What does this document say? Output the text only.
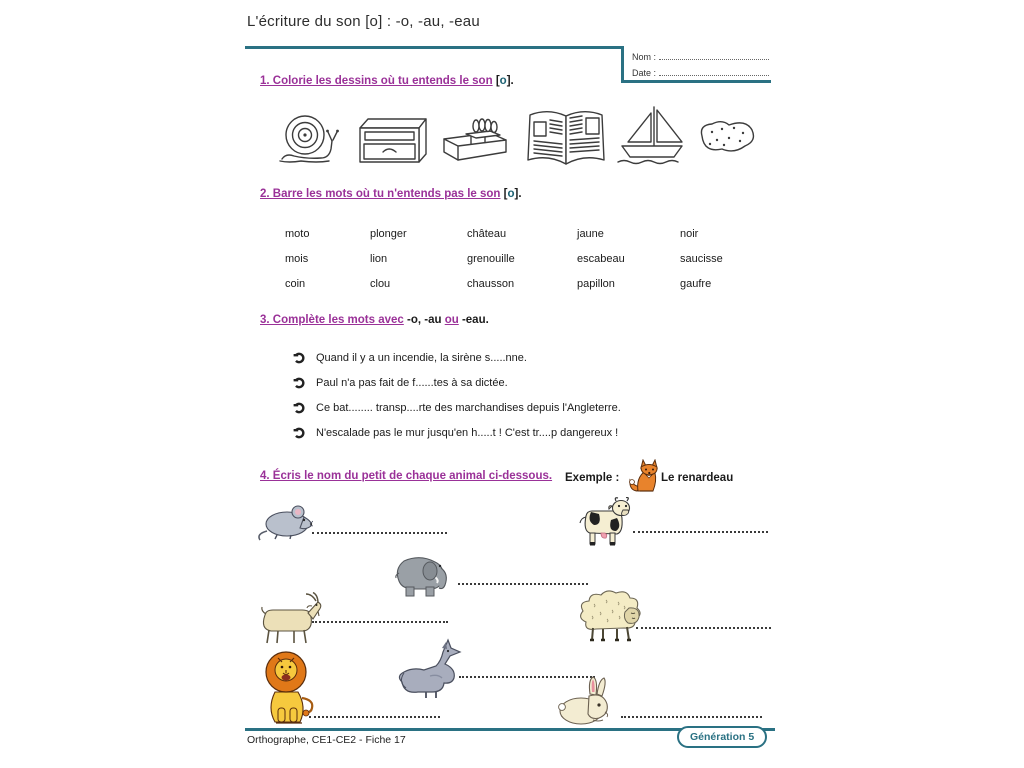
L'écriture du son [o] : -o, -au, -eau
Nom :
Date :
1. Colorie les dessins où tu entends le son [o].
2. Barre les mots où tu n'entends pas le son [o].
moto	plonger	château	jaune	noir
mois	lion	grenouille	escabeau	saucisse
coin	clou	chausson	papillon	gaufre
3. Complète les mots avec -o, -au ou -eau.
Quand il y a un incendie, la sirène s.....nne.
Paul n'a pas fait de f......tes à sa dictée.
Ce bat........ transp....rte des marchandises depuis l'Angleterre.
N'escalade pas le mur jusqu'en h.....t ! C'est tr....p dangereux !
4. Écris le nom du petit de chaque animal ci-dessous. Exemple :	Le renardeau
Orthographe, CE1-CE2 - Fiche 17	Génération 5
